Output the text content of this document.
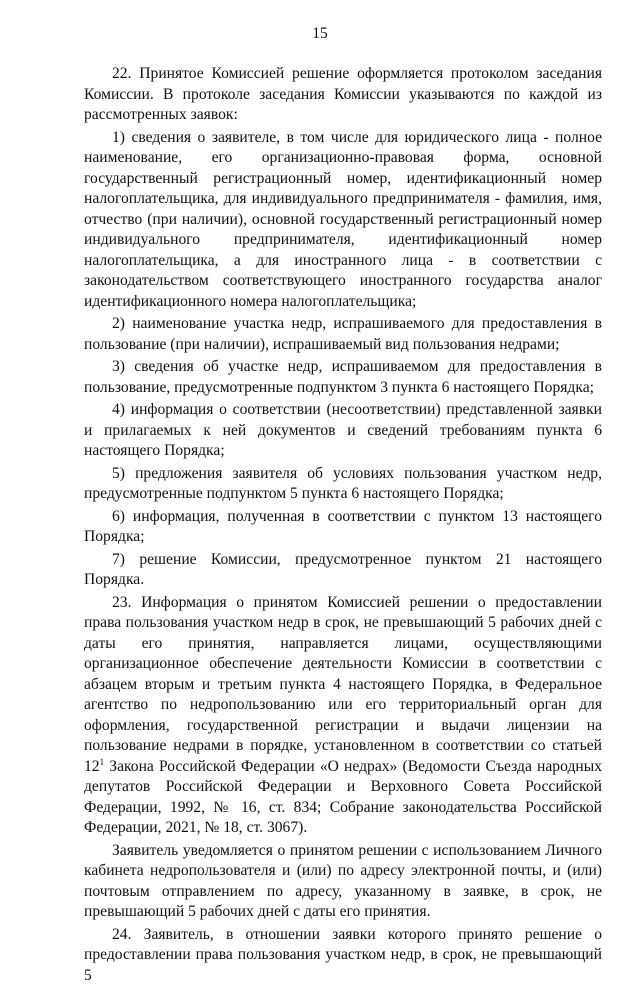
15

22. Принятое Комиссией решение оформляется протоколом заседания Комиссии. В протоколе заседания Комиссии указываются по каждой из рассмотренных заявок:

1) сведения о заявителе, в том числе для юридического лица - полное наименование, его организационно-правовая форма, основной государственный регистрационный номер, идентификационный номер налогоплательщика, для индивидуального предпринимателя - фамилия, имя, отчество (при наличии), основной государственный регистрационный номер индивидуального предпринимателя, идентификационный номер налогоплательщика, а для иностранного лица - в соответствии с законодательством соответствующего иностранного государства аналог идентификационного номера налогоплательщика;

2) наименование участка недр, испрашиваемого для предоставления в пользование (при наличии), испрашиваемый вид пользования недрами;

3) сведения об участке недр, испрашиваемом для предоставления в пользование, предусмотренные подпунктом 3 пункта 6 настоящего Порядка;

4) информация о соответствии (несоответствии) представленной заявки и прилагаемых к ней документов и сведений требованиям пункта 6 настоящего Порядка;

5) предложения заявителя об условиях пользования участком недр, предусмотренные подпунктом 5 пункта 6 настоящего Порядка;

6) информация, полученная в соответствии с пунктом 13 настоящего Порядка;

7) решение Комиссии, предусмотренное пунктом 21 настоящего Порядка.

23. Информация о принятом Комиссией решении о предоставлении права пользования участком недр в срок, не превышающий 5 рабочих дней с даты его принятия, направляется лицами, осуществляющими организационное обеспечение деятельности Комиссии в соответствии с абзацем вторым и третьим пункта 4 настоящего Порядка, в Федеральное агентство по недропользованию или его территориальный орган для оформления, государственной регистрации и выдачи лицензии на пользование недрами в порядке, установленном в соответствии со статьей $12^1$ Закона Российской Федерации «О недрах» (Ведомости Съезда народных депутатов Российской Федерации и Верховного Совета Российской Федерации, 1992, № 16, ст. 834; Собрание законодательства Российской Федерации, 2021, № 18, ст. 3067).

Заявитель уведомляется о принятом решении с использованием Личного кабинета недропользователя и (или) по адресу электронной почты, и (или) почтовым отправлением по адресу, указанному в заявке, в срок, не превышающий 5 рабочих дней с даты его принятия.

24. Заявитель, в отношении заявки которого принято решение о предоставлении права пользования участком недр, в срок, не превышающий 5
